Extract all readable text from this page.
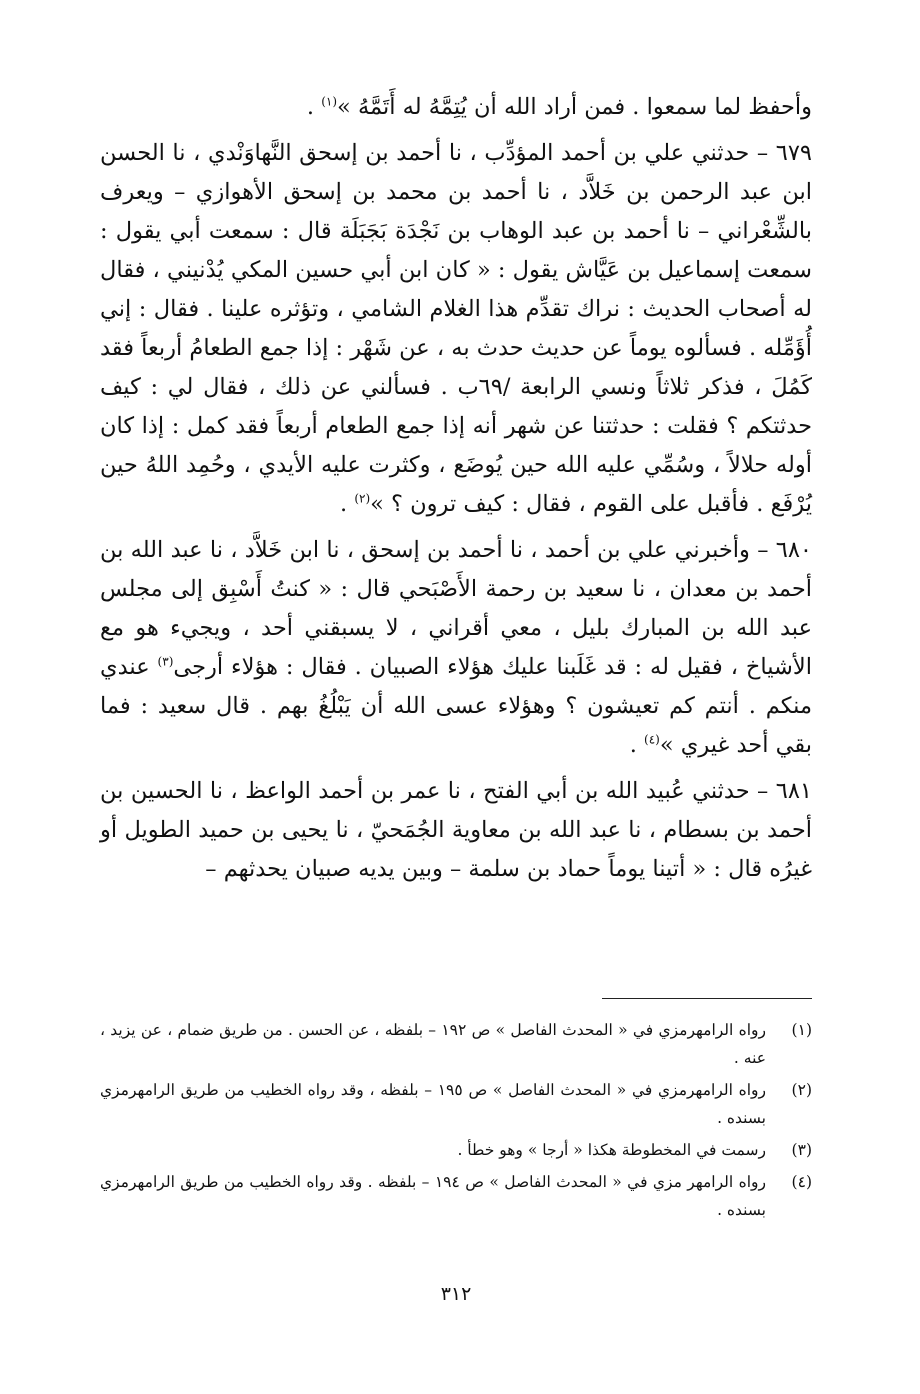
وأحفظ لما سمعوا . فمن أراد الله أن يُتِمَّهُ له أَتَمَّهُ »$^{(١)}$ .

٦٧٩ – حدثني علي بن أحمد المؤدِّب ، نا أحمد بن إسحق النَّهاوَنْدي ، نا الحسن ابن عبد الرحمن بن خَلاَّد ، نا أحمد بن محمد بن إسحق الأهوازي – ويعرف بالشِّعْراني – نا أحمد بن عبد الوهاب بن نَجْدَة بَجَبَلَة قال : سمعت أبي يقول : سمعت إسماعيل بن عَيَّاش يقول : « كان ابن أبي حسين المكي يُدْنيني ، فقال له أصحاب الحديث : نراك تقدِّم هذا الغلام الشامي ، وتؤثره علينا . فقال : إني أُؤَمِّله . فسألوه يوماً عن حديث حدث به ، عن شَهْر : إذا جمع الطعامُ أربعاً فقد كَمُلَ ، فذكر ثلاثاً ونسي الرابعة /٦٩ب . فسألني عن ذلك ، فقال لي : كيف حدثتكم ؟ فقلت : حدثتنا عن شهر أنه إذا جمع الطعام أربعاً فقد كمل : إذا كان أوله حلالاً ، وسُمِّي عليه الله حين يُوضَع ، وكثرت عليه الأيدي ، وحُمِد اللهُ حين يُرْفَع . فأقبل على القوم ، فقال : كيف ترون ؟ »$^{(٢)}$ .

٦٨٠ – وأخبرني علي بن أحمد ، نا أحمد بن إسحق ، نا ابن خَلاَّد ، نا عبد الله بن أحمد بن معدان ، نا سعيد بن رحمة الأَصْبَحي قال : « كنتُ أَسْبِق إلى مجلس عبد الله بن المبارك بليل ، معي أقراني ، لا يسبقني أحد ، ويجيء هو مع الأشياخ ، فقيل له : قد غَلَبنا عليك هؤلاء الصبيان . فقال : هؤلاء أرجى$^{(٣)}$ عندي منكم . أنتم كم تعيشون ؟ وهؤلاء عسى الله أن يَبْلُغُ بهم . قال سعيد : فما بقي أحد غيري »$^{(٤)}$ .

٦٨١ – حدثني عُبيد الله بن أبي الفتح ، نا عمر بن أحمد الواعظ ، نا الحسين بن أحمد بن بسطام ، نا عبد الله بن معاوية الجُمَحيّ ، نا يحيى بن حميد الطويل أو غيرُه قال : « أتينا يوماً حماد بن سلمة – وبين يديه صبيان يحدثهم –

(١)
رواه الرامهرمزي في « المحدث الفاصل » ص ١٩٢ – بلفظه ، عن الحسن . من طريق ضمام ، عن يزيد ، عنه .
(٢)
رواه الرامهرمزي في « المحدث الفاصل » ص ١٩٥ – بلفظه ، وقد رواه الخطيب من طريق الرامهرمزي بسنده .
(٣)
رسمت في المخطوطة هكذا « أرجا » وهو خطأ .
(٤)
رواه الرامهر مزي في « المحدث الفاصل » ص ١٩٤ – بلفظه . وقد رواه الخطيب من طريق الرامهرمزي بسنده .
٣١٢
